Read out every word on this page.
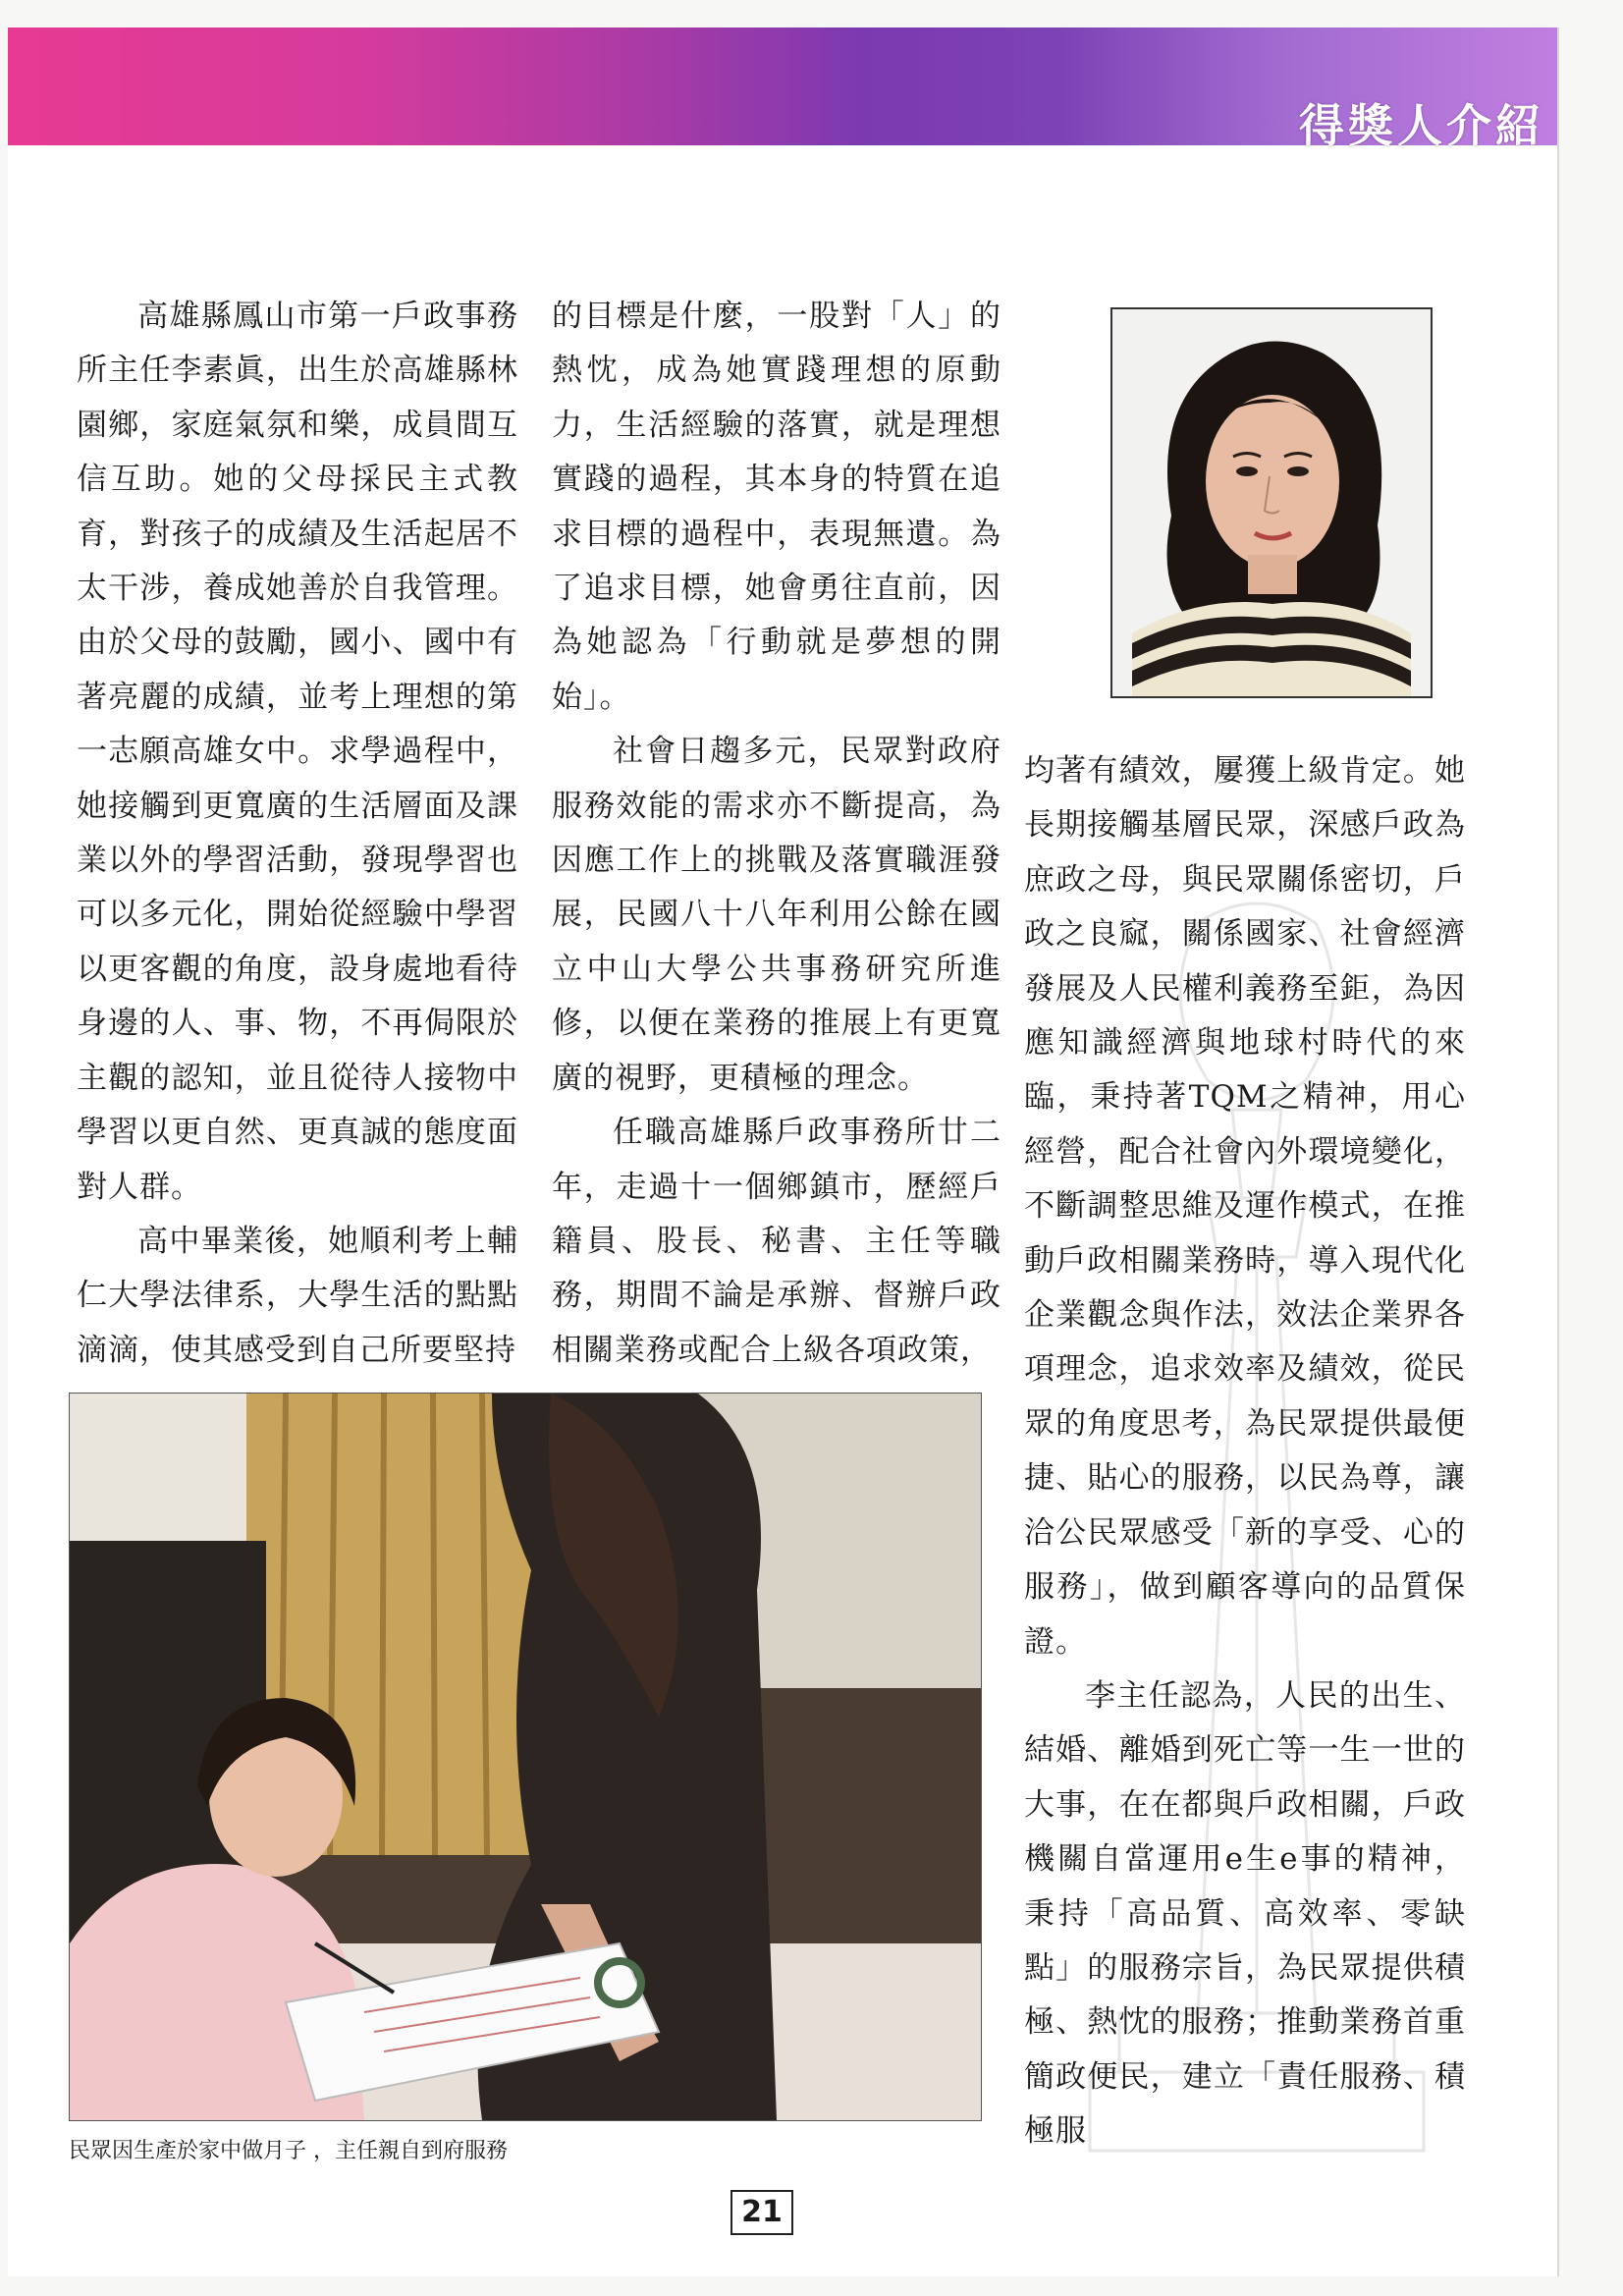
得獎人介紹

高雄縣鳳山市第一戶政事務所主任李素眞，出生於高雄縣林園鄉，家庭氣氛和樂，成員間互信互助。她的父母採民主式教育，對孩子的成績及生活起居不太干涉，養成她善於自我管理。由於父母的鼓勵，國小、國中有著亮麗的成績，並考上理想的第一志願高雄女中。求學過程中，她接觸到更寬廣的生活層面及課業以外的學習活動，發現學習也可以多元化，開始從經驗中學習以更客觀的角度，設身處地看待身邊的人、事、物，不再侷限於主觀的認知，並且從待人接物中學習以更自然、更真誠的態度面對人群。

高中畢業後，她順利考上輔仁大學法律系，大學生活的點點滴滴，使其感受到自己所要堅持

的目標是什麼，一股對「人」的熱忱，成為她實踐理想的原動力，生活經驗的落實，就是理想實踐的過程，其本身的特質在追求目標的過程中，表現無遺。為了追求目標，她會勇往直前，因為她認為「行動就是夢想的開始」。

社會日趨多元，民眾對政府服務效能的需求亦不斷提高，為因應工作上的挑戰及落實職涯發展，民國八十八年利用公餘在國立中山大學公共事務研究所進修，以便在業務的推展上有更寬廣的視野，更積極的理念。

任職高雄縣戶政事務所廿二年，走過十一個鄉鎮市，歷經戶籍員、股長、秘書、主任等職務，期間不論是承辦、督辦戶政相關業務或配合上級各項政策，

均著有績效，屢獲上級肯定。她長期接觸基層民眾，深感戶政為庶政之母，與民眾關係密切，戶政之良窳，關係國家、社會經濟發展及人民權利義務至鉅，為因應知識經濟與地球村時代的來臨，秉持著TQM之精神，用心經營，配合社會內外環境變化，不斷調整思維及運作模式，在推動戶政相關業務時，導入現代化企業觀念與作法，效法企業界各項理念，追求效率及績效，從民眾的角度思考，為民眾提供最便捷、貼心的服務，以民為尊，讓洽公民眾感受「新的享受、心的服務」，做到顧客導向的品質保證。

李主任認為，人民的出生、結婚、離婚到死亡等一生一世的大事，在在都與戶政相關，戶政機關自當運用e生e事的精神，秉持「高品質、高效率、零缺點」的服務宗旨，為民眾提供積極、熱忱的服務；推動業務首重簡政便民，建立「責任服務、積極服

民眾因生產於家中做月子 ，主任親自到府服務
21
